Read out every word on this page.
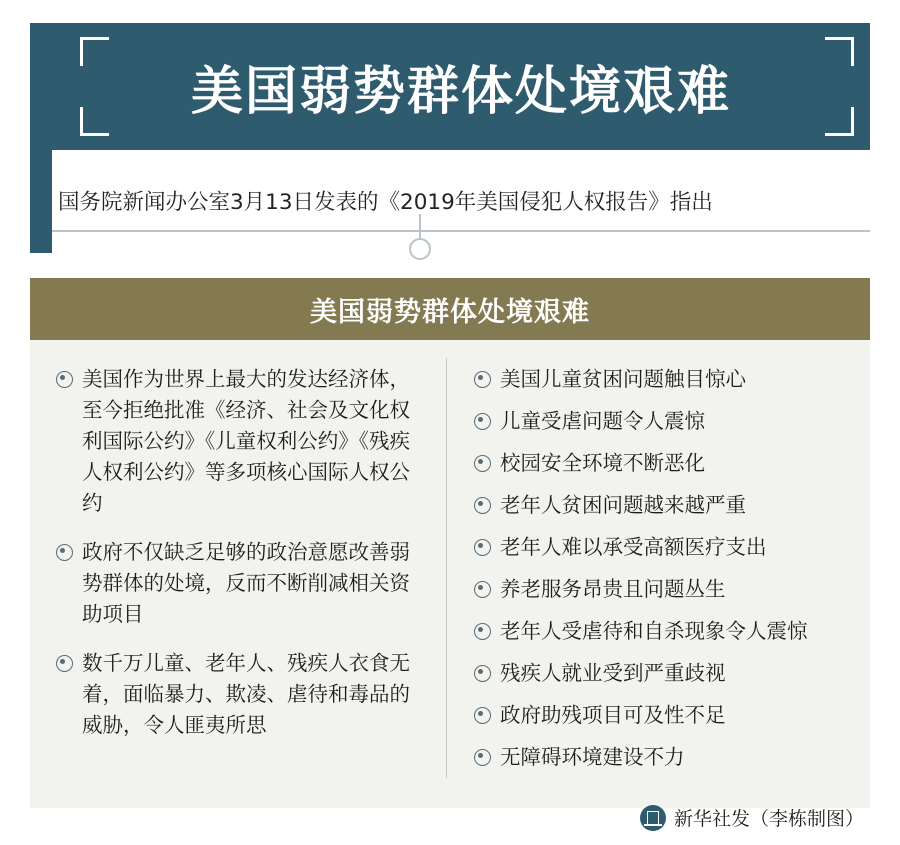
美国弱势群体处境艰难
国务院新闻办公室3月13日发表的《2019年美国侵犯人权报告》指出
美国弱势群体处境艰难
美国作为世界上最大的发达经济体，至今拒绝批准《经济、社会及文化权利国际公约》《儿童权利公约》《残疾人权利公约》等多项核心国际人权公约
政府不仅缺乏足够的政治意愿改善弱势群体的处境，反而不断削减相关资助项目
数千万儿童、老年人、残疾人衣食无着，面临暴力、欺凌、虐待和毒品的威胁，令人匪夷所思
美国儿童贫困问题触目惊心
儿童受虐问题令人震惊
校园安全环境不断恶化
老年人贫困问题越来越严重
老年人难以承受高额医疗支出
养老服务昂贵且问题丛生
老年人受虐待和自杀现象令人震惊
残疾人就业受到严重歧视
政府助残项目可及性不足
无障碍环境建设不力
新华社发（李栋制图）
